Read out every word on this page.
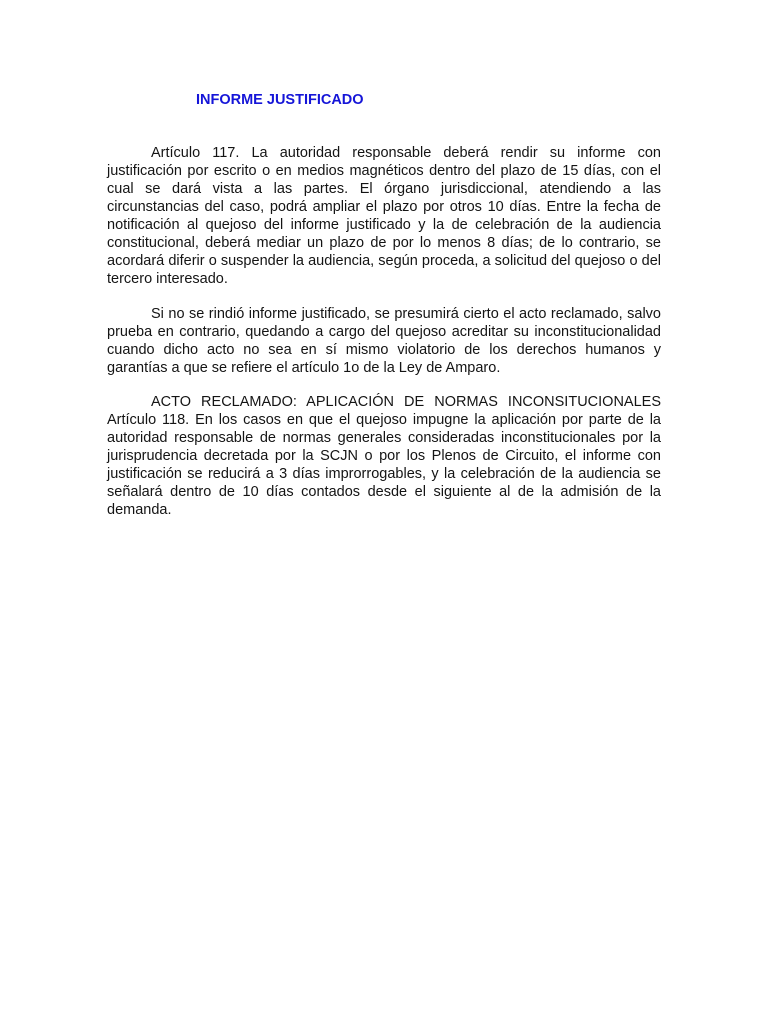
INFORME JUSTIFICADO

Artículo 117. La autoridad responsable deberá rendir su informe con justificación por escrito o en medios magnéticos dentro del plazo de 15 días, con el cual se dará vista a las partes. El órgano jurisdiccional, atendiendo a las circunstancias del caso, podrá ampliar el plazo por otros 10 días. Entre la fecha de notificación al quejoso del informe justificado y la de celebración de la audiencia constitucional, deberá mediar un plazo de por lo menos 8 días; de lo contrario, se acordará diferir o suspender la audiencia, según proceda, a solicitud del quejoso o del tercero interesado.

Si no se rindió informe justificado, se presumirá cierto el acto reclamado, salvo prueba en contrario, quedando a cargo del quejoso acreditar su inconstitucionalidad cuando dicho acto no sea en sí mismo violatorio de los derechos humanos y garantías a que se refiere el artículo 1o de la Ley de Amparo.

ACTO RECLAMADO: APLICACIÓN DE NORMAS INCONSITUCIONALES
Artículo 118. En los casos en que el quejoso impugne la aplicación por parte de la autoridad responsable de normas generales consideradas inconstitucionales por la jurisprudencia decretada por la SCJN o por los Plenos de Circuito, el informe con justificación se reducirá a 3 días improrrogables, y la celebración de la audiencia se señalará dentro de 10 días contados desde el siguiente al de la admisión de la demanda.
